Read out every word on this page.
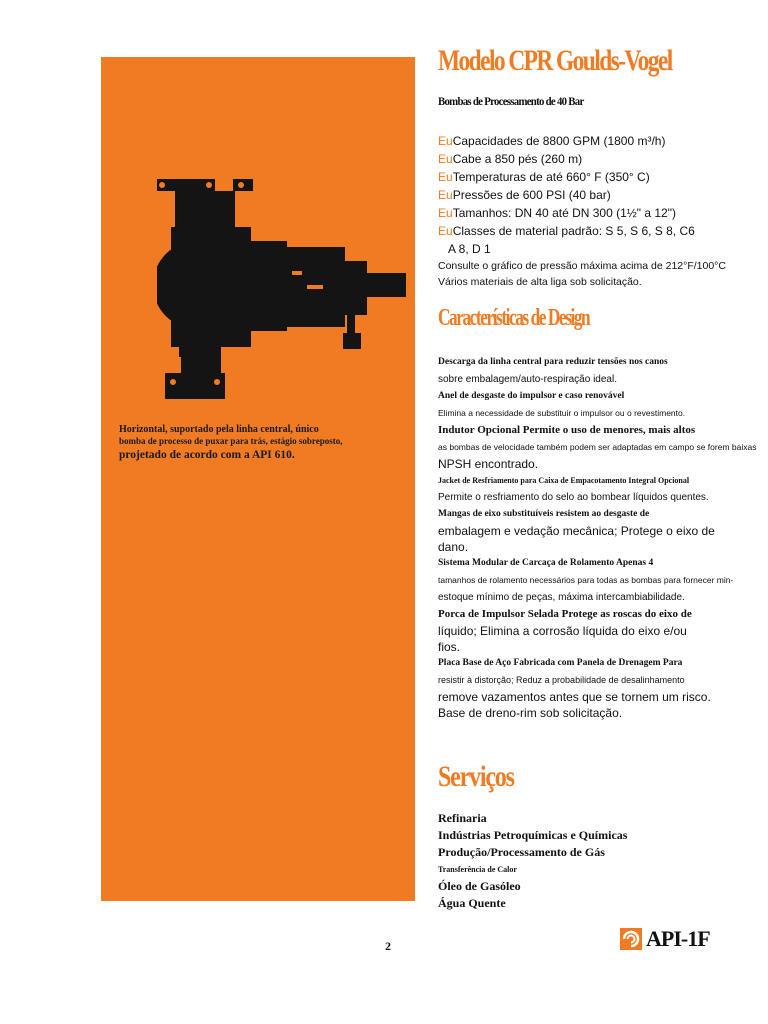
Horizontal, suportado pela linha central, único
bomba de processo de puxar para trás, estágio sobreposto,
projetado de acordo com a API 610.
Modelo CPR Goulds-Vogel
Bombas de Processamento de 40 Bar
EuCapacidades de 8800 GPM (1800 m³/h)
EuCabe a 850 pés (260 m)
EuTemperaturas de até 660° F (350° C)
EuPressões de 600 PSI (40 bar)
EuTamanhos: DN 40 até DN 300 (1½" a 12")
EuClasses de material padrão: S 5, S 6, S 8, C6
A 8, D 1
Consulte o gráfico de pressão máxima acima de 212°F/100°C
Vários materiais de alta liga sob solicitação.
Características de Design
Descarga da linha central para reduzir tensões nos canos
sobre embalagem/auto-respiração ideal.
Anel de desgaste do impulsor e caso renovável
Elimina a necessidade de substituir o impulsor ou o revestimento.
Indutor Opcional Permite o uso de menores, mais altos
as bombas de velocidade também podem ser adaptadas em campo se forem baixas
NPSH encontrado.
Jacket de Resfriamento para Caixa de Empacotamento Integral Opcional
Permite o resfriamento do selo ao bombear líquidos quentes.
Mangas de eixo substituíveis resistem ao desgaste de
embalagem e vedação mecânica; Protege o eixo de
dano.
Sistema Modular de Carcaça de Rolamento Apenas 4
tamanhos de rolamento necessários para todas as bombas para fornecer min-
estoque mínimo de peças, máxima intercambiabilidade.
Porca de Impulsor Selada Protege as roscas do eixo de
líquido; Elimina a corrosão líquida do eixo e/ou
fios.
Placa Base de Aço Fabricada com Panela de Drenagem Para
resistir à distorção; Reduz a probabilidade de desalinhamento
remove vazamentos antes que se tornem um risco.
Base de dreno-rim sob solicitação.
Serviços
Refinaria
Indústrias Petroquímicas e Químicas
Produção/Processamento de Gás
Transferência de Calor
Óleo de Gasóleo
Água Quente
2	API-1F
